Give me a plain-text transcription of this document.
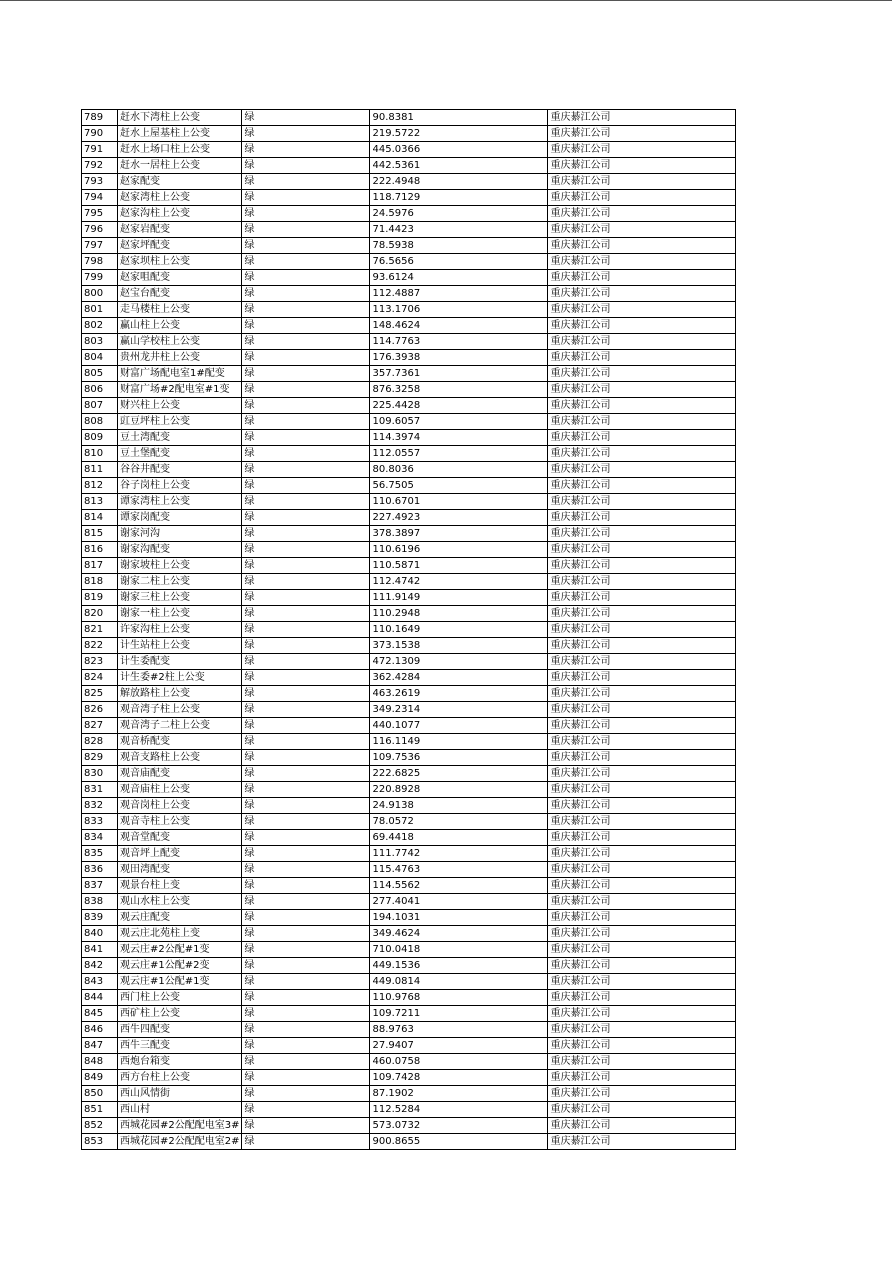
789	赶水下湾柱上公变	绿	90.8381	重庆綦江公司
790	赶水上屋基柱上公变	绿	219.5722	重庆綦江公司
791	赶水上场口柱上公变	绿	445.0366	重庆綦江公司
792	赶水一居柱上公变	绿	442.5361	重庆綦江公司
793	赵家配变	绿	222.4948	重庆綦江公司
794	赵家湾柱上公变	绿	118.7129	重庆綦江公司
795	赵家沟柱上公变	绿	24.5976	重庆綦江公司
796	赵家岩配变	绿	71.4423	重庆綦江公司
797	赵家坪配变	绿	78.5938	重庆綦江公司
798	赵家坝柱上公变	绿	76.5656	重庆綦江公司
799	赵家咀配变	绿	93.6124	重庆綦江公司
800	赵宝台配变	绿	112.4887	重庆綦江公司
801	走马楼柱上公变	绿	113.1706	重庆綦江公司
802	赢山柱上公变	绿	148.4624	重庆綦江公司
803	赢山学校柱上公变	绿	114.7763	重庆綦江公司
804	贵州龙井柱上公变	绿	176.3938	重庆綦江公司
805	财富广场配电室1#配变	绿	357.7361	重庆綦江公司
806	财富广场#2配电室#1变	绿	876.3258	重庆綦江公司
807	财兴柱上公变	绿	225.4428	重庆綦江公司
808	豇豆坪柱上公变	绿	109.6057	重庆綦江公司
809	豆土湾配变	绿	114.3974	重庆綦江公司
810	豆土堡配变	绿	112.0557	重庆綦江公司
811	谷谷井配变	绿	80.8036	重庆綦江公司
812	谷子岗柱上公变	绿	56.7505	重庆綦江公司
813	谭家湾柱上公变	绿	110.6701	重庆綦江公司
814	谭家岗配变	绿	227.4923	重庆綦江公司
815	谢家河沟	绿	378.3897	重庆綦江公司
816	谢家沟配变	绿	110.6196	重庆綦江公司
817	谢家坡柱上公变	绿	110.5871	重庆綦江公司
818	谢家二柱上公变	绿	112.4742	重庆綦江公司
819	谢家三柱上公变	绿	111.9149	重庆綦江公司
820	谢家一柱上公变	绿	110.2948	重庆綦江公司
821	许家沟柱上公变	绿	110.1649	重庆綦江公司
822	计生站柱上公变	绿	373.1538	重庆綦江公司
823	计生委配变	绿	472.1309	重庆綦江公司
824	计生委#2柱上公变	绿	362.4284	重庆綦江公司
825	解放路柱上公变	绿	463.2619	重庆綦江公司
826	观音湾子柱上公变	绿	349.2314	重庆綦江公司
827	观音湾子二柱上公变	绿	440.1077	重庆綦江公司
828	观音桥配变	绿	116.1149	重庆綦江公司
829	观音支路柱上公变	绿	109.7536	重庆綦江公司
830	观音庙配变	绿	222.6825	重庆綦江公司
831	观音庙柱上公变	绿	220.8928	重庆綦江公司
832	观音岗柱上公变	绿	24.9138	重庆綦江公司
833	观音寺柱上公变	绿	78.0572	重庆綦江公司
834	观音堂配变	绿	69.4418	重庆綦江公司
835	观音坪上配变	绿	111.7742	重庆綦江公司
836	观田湾配变	绿	115.4763	重庆綦江公司
837	观景台柱上变	绿	114.5562	重庆綦江公司
838	观山水柱上公变	绿	277.4041	重庆綦江公司
839	观云庄配变	绿	194.1031	重庆綦江公司
840	观云庄北苑柱上变	绿	349.4624	重庆綦江公司
841	观云庄#2公配#1变	绿	710.0418	重庆綦江公司
842	观云庄#1公配#2变	绿	449.1536	重庆綦江公司
843	观云庄#1公配#1变	绿	449.0814	重庆綦江公司
844	西门柱上公变	绿	110.9768	重庆綦江公司
845	西矿柱上公变	绿	109.7211	重庆綦江公司
846	西牛四配变	绿	88.9763	重庆綦江公司
847	西牛三配变	绿	27.9407	重庆綦江公司
848	西炮台箱变	绿	460.0758	重庆綦江公司
849	西方台柱上公变	绿	109.7428	重庆綦江公司
850	西山风情街	绿	87.1902	重庆綦江公司
851	西山村	绿	112.5284	重庆綦江公司
852	西城花园#2公配配电室3#	绿	573.0732	重庆綦江公司
853	西城花园#2公配配电室2#	绿	900.8655	重庆綦江公司
